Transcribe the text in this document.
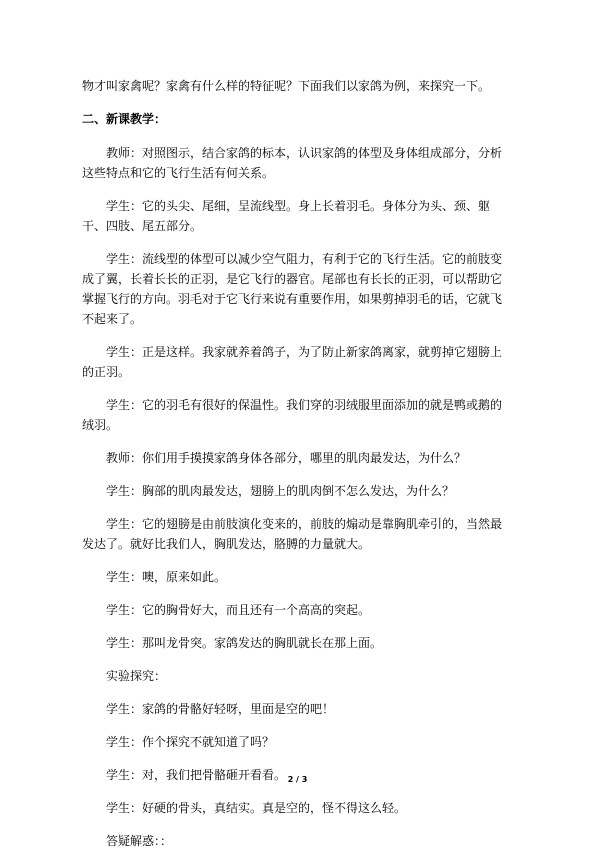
物才叫家禽呢？家禽有什么样的特征呢？下面我们以家鸽为例，来探究一下。

二、新课教学：

教师：对照图示，结合家鸽的标本，认识家鸽的体型及身体组成部分，分析这些特点和它的飞行生活有何关系。

学生：它的头尖、尾细，呈流线型。身上长着羽毛。身体分为头、颈、躯干、四肢、尾五部分。

学生：流线型的体型可以减少空气阻力，有利于它的飞行生活。它的前肢变成了翼，长着长长的正羽，是它飞行的器官。尾部也有长长的正羽，可以帮助它掌握飞行的方向。羽毛对于它飞行来说有重要作用，如果剪掉羽毛的话，它就飞不起来了。

学生：正是这样。我家就养着鸽子，为了防止新家鸽离家，就剪掉它翅膀上的正羽。

学生：它的羽毛有很好的保温性。我们穿的羽绒服里面添加的就是鸭或鹅的绒羽。

教师：你们用手摸摸家鸽身体各部分，哪里的肌肉最发达，为什么？

学生：胸部的肌肉最发达，翅膀上的肌肉倒不怎么发达，为什么？

学生：它的翅膀是由前肢演化变来的，前肢的煽动是靠胸肌牵引的，当然最发达了。就好比我们人，胸肌发达，胳膊的力量就大。

学生：噢，原来如此。

学生：它的胸骨好大，而且还有一个高高的突起。

学生：那叫龙骨突。家鸽发达的胸肌就长在那上面。

实验探究：

学生：家鸽的骨骼好轻呀，里面是空的吧！

学生：作个探究不就知道了吗？

学生：对，我们把骨骼砸开看看。

学生：好硬的骨头，真结实。真是空的，怪不得这么轻。

答疑解惑：：

2 / 3
